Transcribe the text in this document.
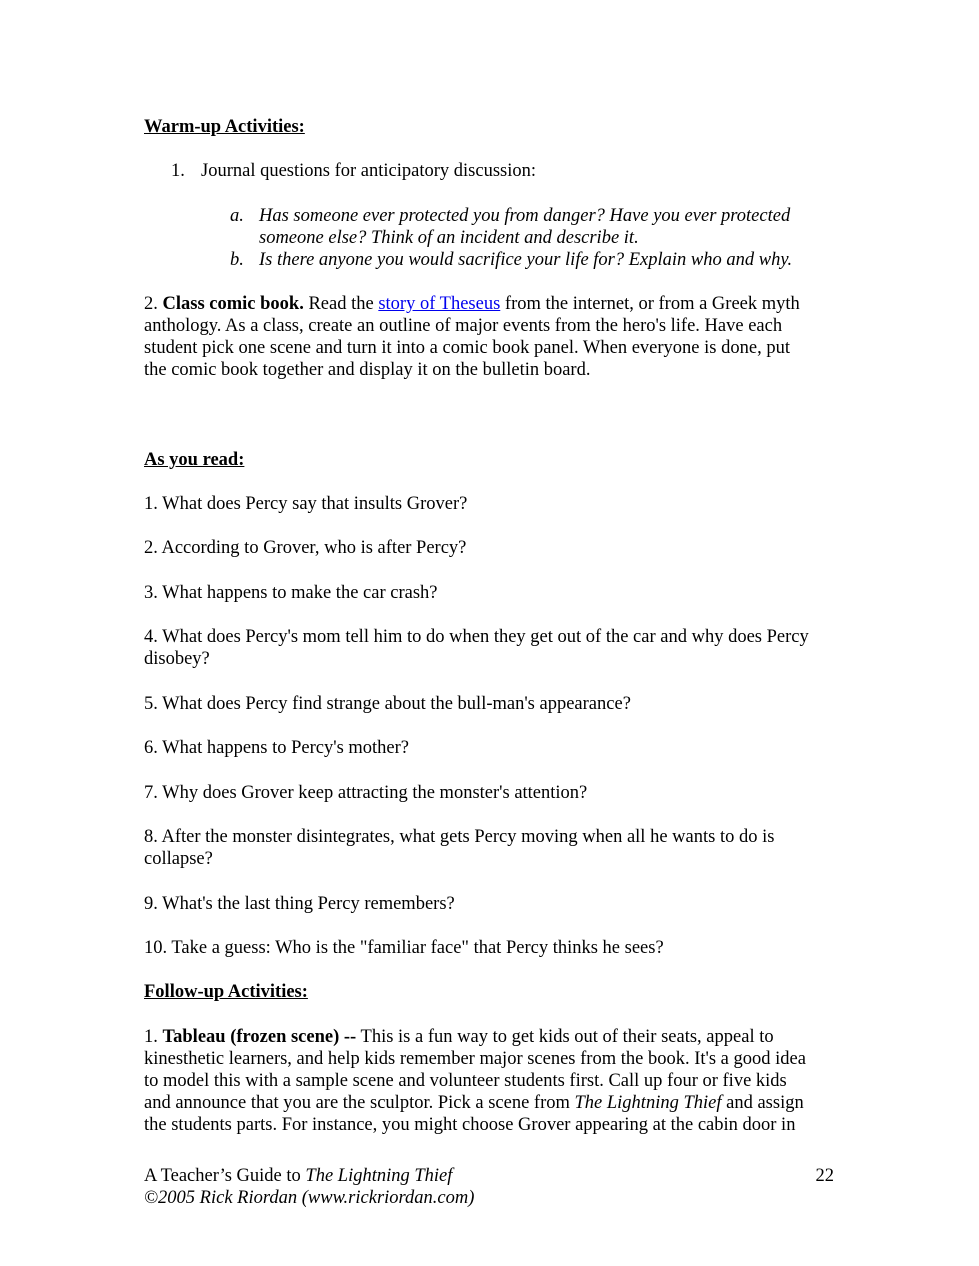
Warm-up Activities:
1. Journal questions for anticipatory discussion:
a. Has someone ever protected you from danger? Have you ever protected
someone else? Think of an incident and describe it.
b. Is there anyone you would sacrifice your life for? Explain who and why.
2. Class comic book. Read the story of Theseus from the internet, or from a Greek myth
anthology. As a class, create an outline of major events from the hero's life. Have each
student pick one scene and turn it into a comic book panel. When everyone is done, put
the comic book together and display it on the bulletin board.
As you read:
1. What does Percy say that insults Grover?
2. According to Grover, who is after Percy?
3. What happens to make the car crash?
4. What does Percy's mom tell him to do when they get out of the car and why does Percy
disobey?
5. What does Percy find strange about the bull-man's appearance?
6. What happens to Percy's mother?
7. Why does Grover keep attracting the monster's attention?
8. After the monster disintegrates, what gets Percy moving when all he wants to do is
collapse?
9. What's the last thing Percy remembers?
10. Take a guess: Who is the "familiar face" that Percy thinks he sees?
Follow-up Activities:
1. Tableau (frozen scene) -- This is a fun way to get kids out of their seats, appeal to
kinesthetic learners, and help kids remember major scenes from the book. It's a good idea
to model this with a sample scene and volunteer students first. Call up four or five kids
and announce that you are the sculptor. Pick a scene from The Lightning Thief and assign
the students parts. For instance, you might choose Grover appearing at the cabin door in
A Teacher’s Guide to The Lightning Thief	22
©2005 Rick Riordan (www.rickriordan.com)
